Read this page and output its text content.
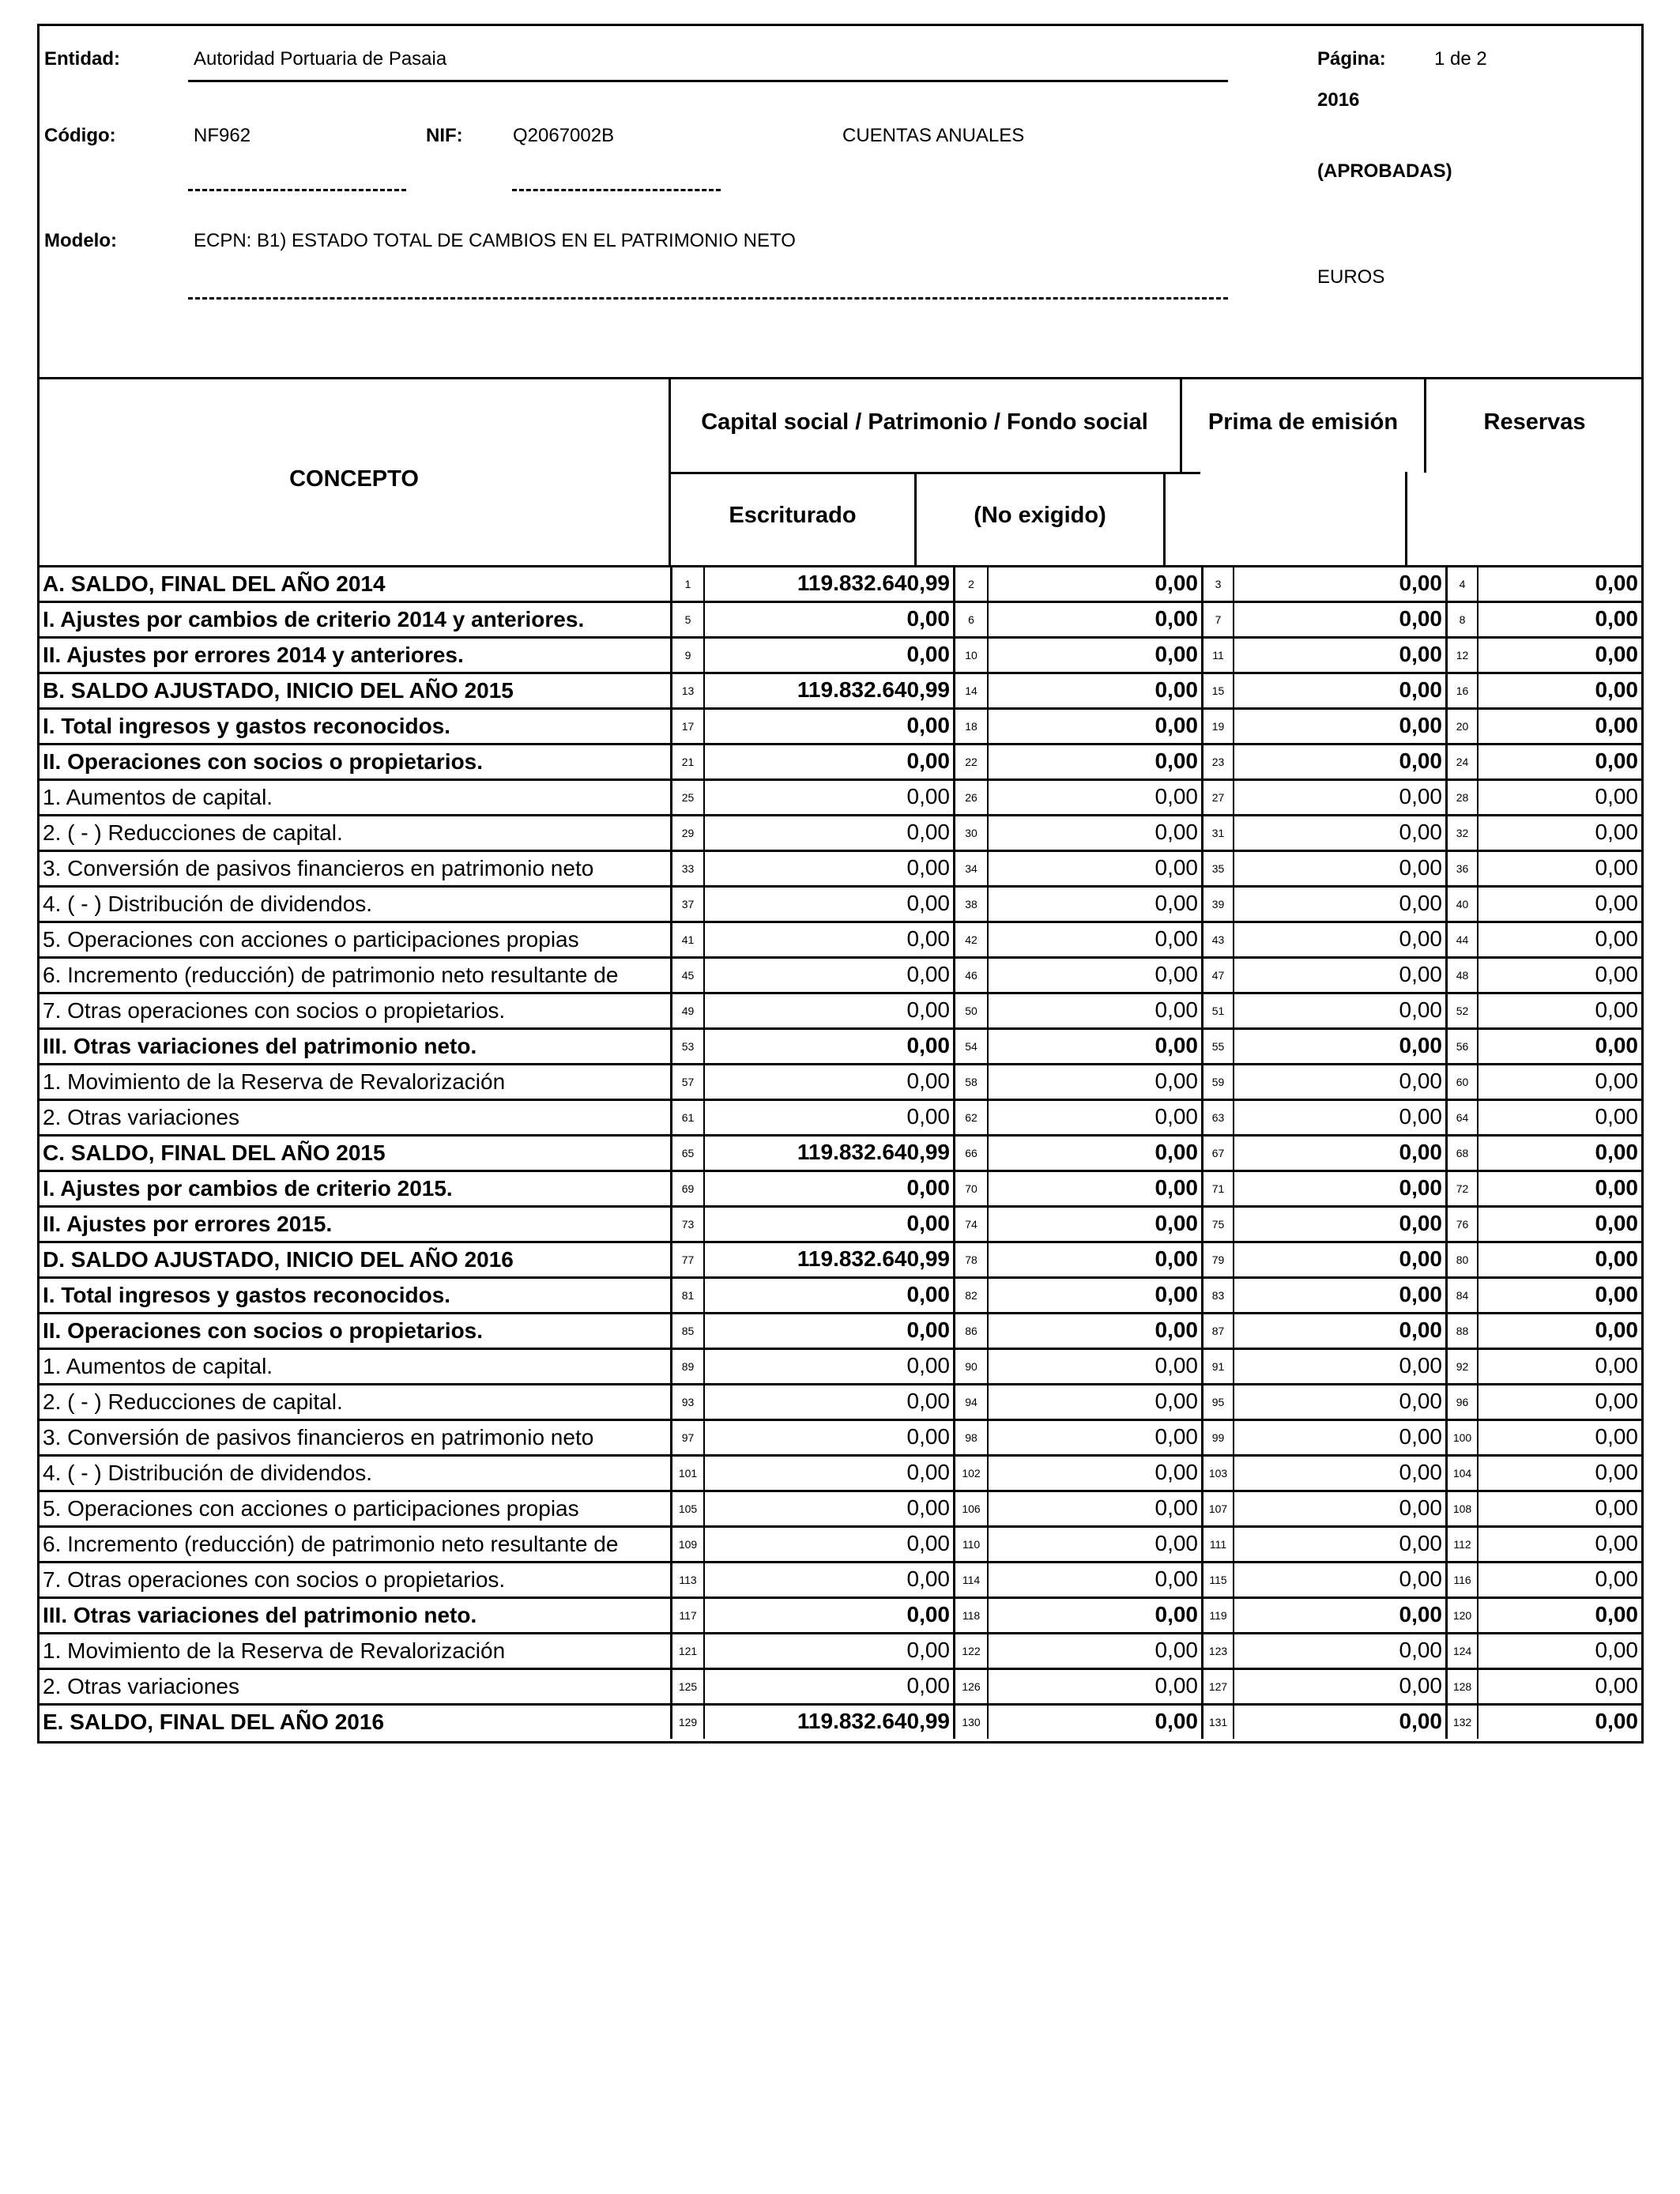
Entidad:	Autoridad Portuaria de Pasaia	Página:	1 de 2
2016
Código:	NF962	NIF:	Q2067002B	CUENTAS ANUALES
(APROBADAS)
Modelo:	ECPN: B1) ESTADO TOTAL DE CAMBIOS EN EL PATRIMONIO NETO
EUROS
CONCEPTO
Capital social / Patrimonio / Fondo social	Prima de emisión	Reservas
Escriturado	(No exigido)
A. SALDO, FINAL DEL AÑO 2014	1	119.832.640,99	2	0,00	3	0,00	4	0,00
I. Ajustes por cambios de criterio 2014 y anteriores.	5	0,00	6	0,00	7	0,00	8	0,00
II. Ajustes por errores 2014 y anteriores.	9	0,00	10	0,00	11	0,00	12	0,00
B. SALDO AJUSTADO, INICIO DEL AÑO 2015	13	119.832.640,99	14	0,00	15	0,00	16	0,00
I. Total ingresos y gastos reconocidos.	17	0,00	18	0,00	19	0,00	20	0,00
II. Operaciones con socios o propietarios.	21	0,00	22	0,00	23	0,00	24	0,00
1. Aumentos de capital.	25	0,00	26	0,00	27	0,00	28	0,00
2. ( - ) Reducciones de capital.	29	0,00	30	0,00	31	0,00	32	0,00
3. Conversión de pasivos financieros en patrimonio neto	33	0,00	34	0,00	35	0,00	36	0,00
4. ( - ) Distribución de dividendos.	37	0,00	38	0,00	39	0,00	40	0,00
5. Operaciones con acciones o participaciones propias	41	0,00	42	0,00	43	0,00	44	0,00
6. Incremento (reducción) de patrimonio neto resultante de	45	0,00	46	0,00	47	0,00	48	0,00
7. Otras operaciones con socios o propietarios.	49	0,00	50	0,00	51	0,00	52	0,00
III. Otras variaciones del patrimonio neto.	53	0,00	54	0,00	55	0,00	56	0,00
1. Movimiento de la Reserva de Revalorización	57	0,00	58	0,00	59	0,00	60	0,00
2. Otras variaciones	61	0,00	62	0,00	63	0,00	64	0,00
C. SALDO, FINAL DEL AÑO 2015	65	119.832.640,99	66	0,00	67	0,00	68	0,00
I. Ajustes por cambios de criterio 2015.	69	0,00	70	0,00	71	0,00	72	0,00
II. Ajustes por errores 2015.	73	0,00	74	0,00	75	0,00	76	0,00
D. SALDO AJUSTADO, INICIO DEL AÑO 2016	77	119.832.640,99	78	0,00	79	0,00	80	0,00
I. Total ingresos y gastos reconocidos.	81	0,00	82	0,00	83	0,00	84	0,00
II. Operaciones con socios o propietarios.	85	0,00	86	0,00	87	0,00	88	0,00
1. Aumentos de capital.	89	0,00	90	0,00	91	0,00	92	0,00
2. ( - ) Reducciones de capital.	93	0,00	94	0,00	95	0,00	96	0,00
3. Conversión de pasivos financieros en patrimonio neto	97	0,00	98	0,00	99	0,00 100	0,00
4. ( - ) Distribución de dividendos.	101	0,00	102	0,00 103	0,00 104	0,00
5. Operaciones con acciones o participaciones propias	105	0,00	106	0,00 107	0,00 108	0,00
6. Incremento (reducción) de patrimonio neto resultante de	109	0,00	110	0,00	111	0,00	112	0,00
7. Otras operaciones con socios o propietarios.	113	0,00	114	0,00	115	0,00	116	0,00
III. Otras variaciones del patrimonio neto.	117	0,00	118	0,00	119	0,00 120	0,00
1. Movimiento de la Reserva de Revalorización	121	0,00	122	0,00 123	0,00 124	0,00
2. Otras variaciones	125	0,00	126	0,00 127	0,00 128	0,00
E. SALDO, FINAL DEL AÑO 2016	129	119.832.640,99	130	0,00 131	0,00 132	0,00
